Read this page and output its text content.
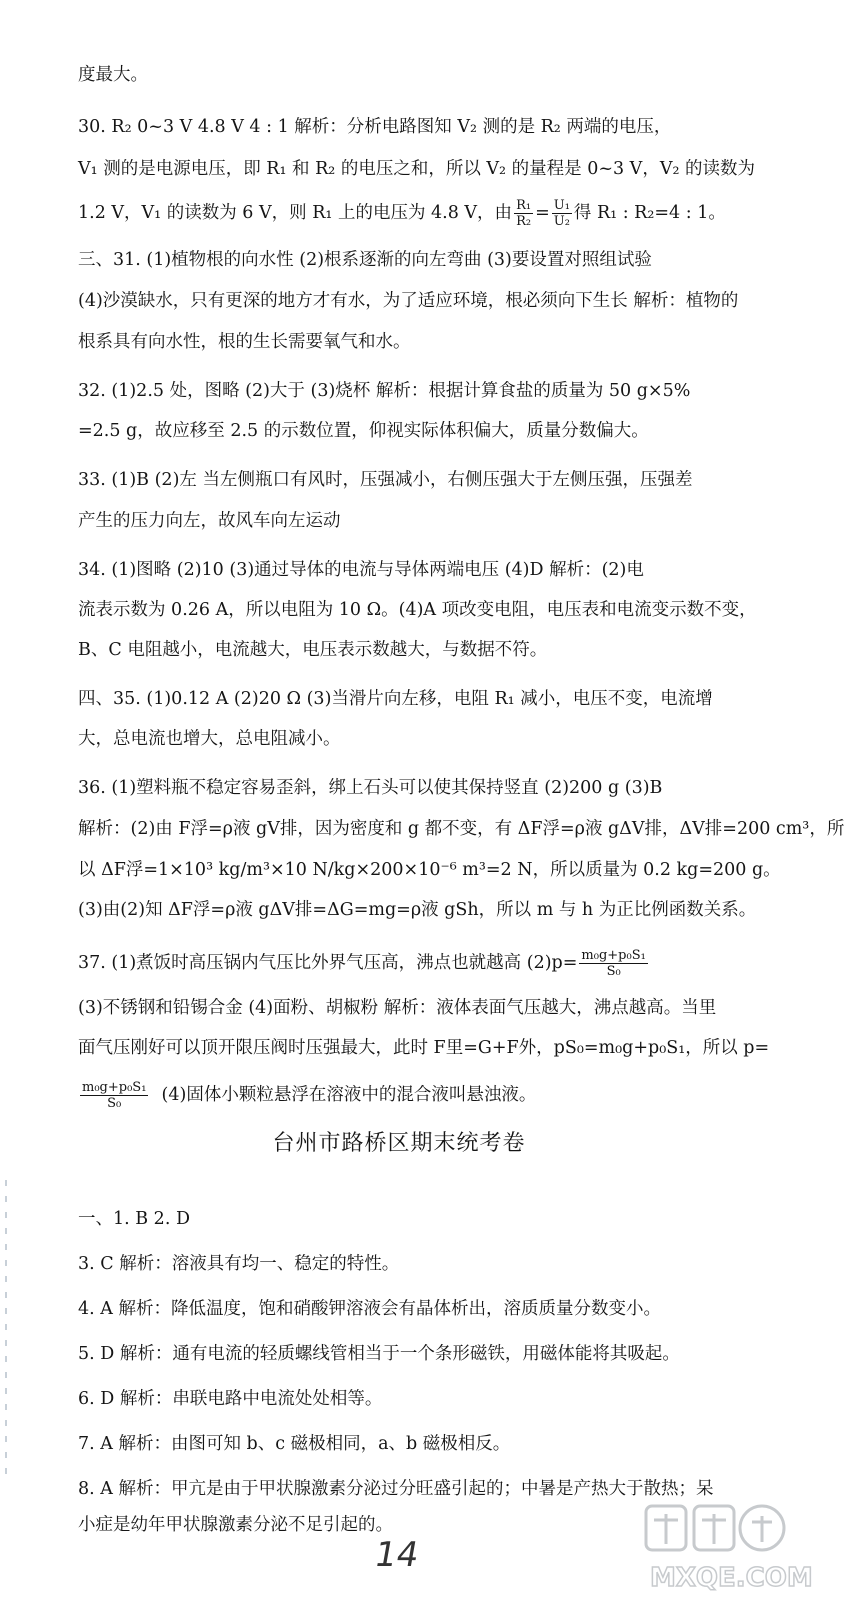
度最大。
30. R₂ 0~3 V 4.8 V 4 : 1 解析：分析电路图知 V₂ 测的是 R₂ 两端的电压，
V₁ 测的是电源电压，即 R₁ 和 R₂ 的电压之和，所以 V₂ 的量程是 0~3 V，V₂ 的读数为
1.2 V，V₁ 的读数为 6 V，则 R₁ 上的电压为 4.8 V，由 $\frac{\text{R₁}}{\text{R₂}} = \frac{\text{U₁}}{\text{U₂}}$ 得 R₁ : R₂=4 : 1。
三、31. (1)植物根的向水性 (2)根系逐渐的向左弯曲 (3)要设置对照组试验
(4)沙漠缺水，只有更深的地方才有水，为了适应环境，根必须向下生长 解析：植物的
根系具有向水性，根的生长需要氧气和水。
32. (1)2.5 处，图略 (2)大于 (3)烧杯 解析：根据计算食盐的质量为 50 g×5%
=2.5 g，故应移至 2.5 的示数位置，仰视实际体积偏大，质量分数偏大。
33. (1)B (2)左 当左侧瓶口有风时，压强减小，右侧压强大于左侧压强，压强差
产生的压力向左，故风车向左运动
34. (1)图略 (2)10 (3)通过导体的电流与导体两端电压 (4)D 解析：(2)电
流表示数为 0.26 A，所以电阻为 10 Ω。(4)A 项改变电阻，电压表和电流变示数不变，
B、C 电阻越小，电流越大，电压表示数越大，与数据不符。
四、35. (1)0.12 A (2)20 Ω (3)当滑片向左移，电阻 R₁ 减小，电压不变，电流增
大，总电流也增大，总电阻减小。
36. (1)塑料瓶不稳定容易歪斜，绑上石头可以使其保持竖直 (2)200 g (3)B
解析：(2)由 F浮=ρ液 gV排，因为密度和 g 都不变，有 ΔF浮=ρ液 gΔV排，ΔV排=200 cm³，所
以 ΔF浮=1×10³ kg/m³×10 N/kg×200×10⁻⁶ m³=2 N，所以质量为 0.2 kg=200 g。
(3)由(2)知 ΔF浮=ρ液 gΔV排=ΔG=mg=ρ液 gSh，所以 m 与 h 为正比例函数关系。
37. (1)煮饭时高压锅内气压比外界气压高，沸点也就越高 $(2)p= \frac{\text{m₀g+p₀S₁}}{\text{S₀}}$
(3)不锈钢和铅锡合金 (4)面粉、胡椒粉 解析：液体表面气压越大，沸点越高。当里
面气压刚好可以顶开限压阀时压强最大，此时 F里=G+F外，pS₀=m₀g+p₀S₁，所以 p=
$\frac{\text{m₀g+p₀S₁}}{\text{S₀}} (4)$固体小颗粒悬浮在溶液中的混合液叫悬浊液。
台州市路桥区期末统考卷
一、1. B 2. D
3. C 解析：溶液具有均一、稳定的特性。
4. A 解析：降低温度，饱和硝酸钾溶液会有晶体析出，溶质质量分数变小。
5. D 解析：通有电流的轻质螺线管相当于一个条形磁铁，用磁体能将其吸起。
6. D 解析：串联电路中电流处处相等。
7. A 解析：由图可知 b、c 磁极相同，a、b 磁极相反。
8. A 解析：甲亢是由于甲状腺激素分泌过分旺盛引起的；中暑是产热大于散热；呆
小症是幼年甲状腺激素分泌不足引起的。
14
MXQE.COM
